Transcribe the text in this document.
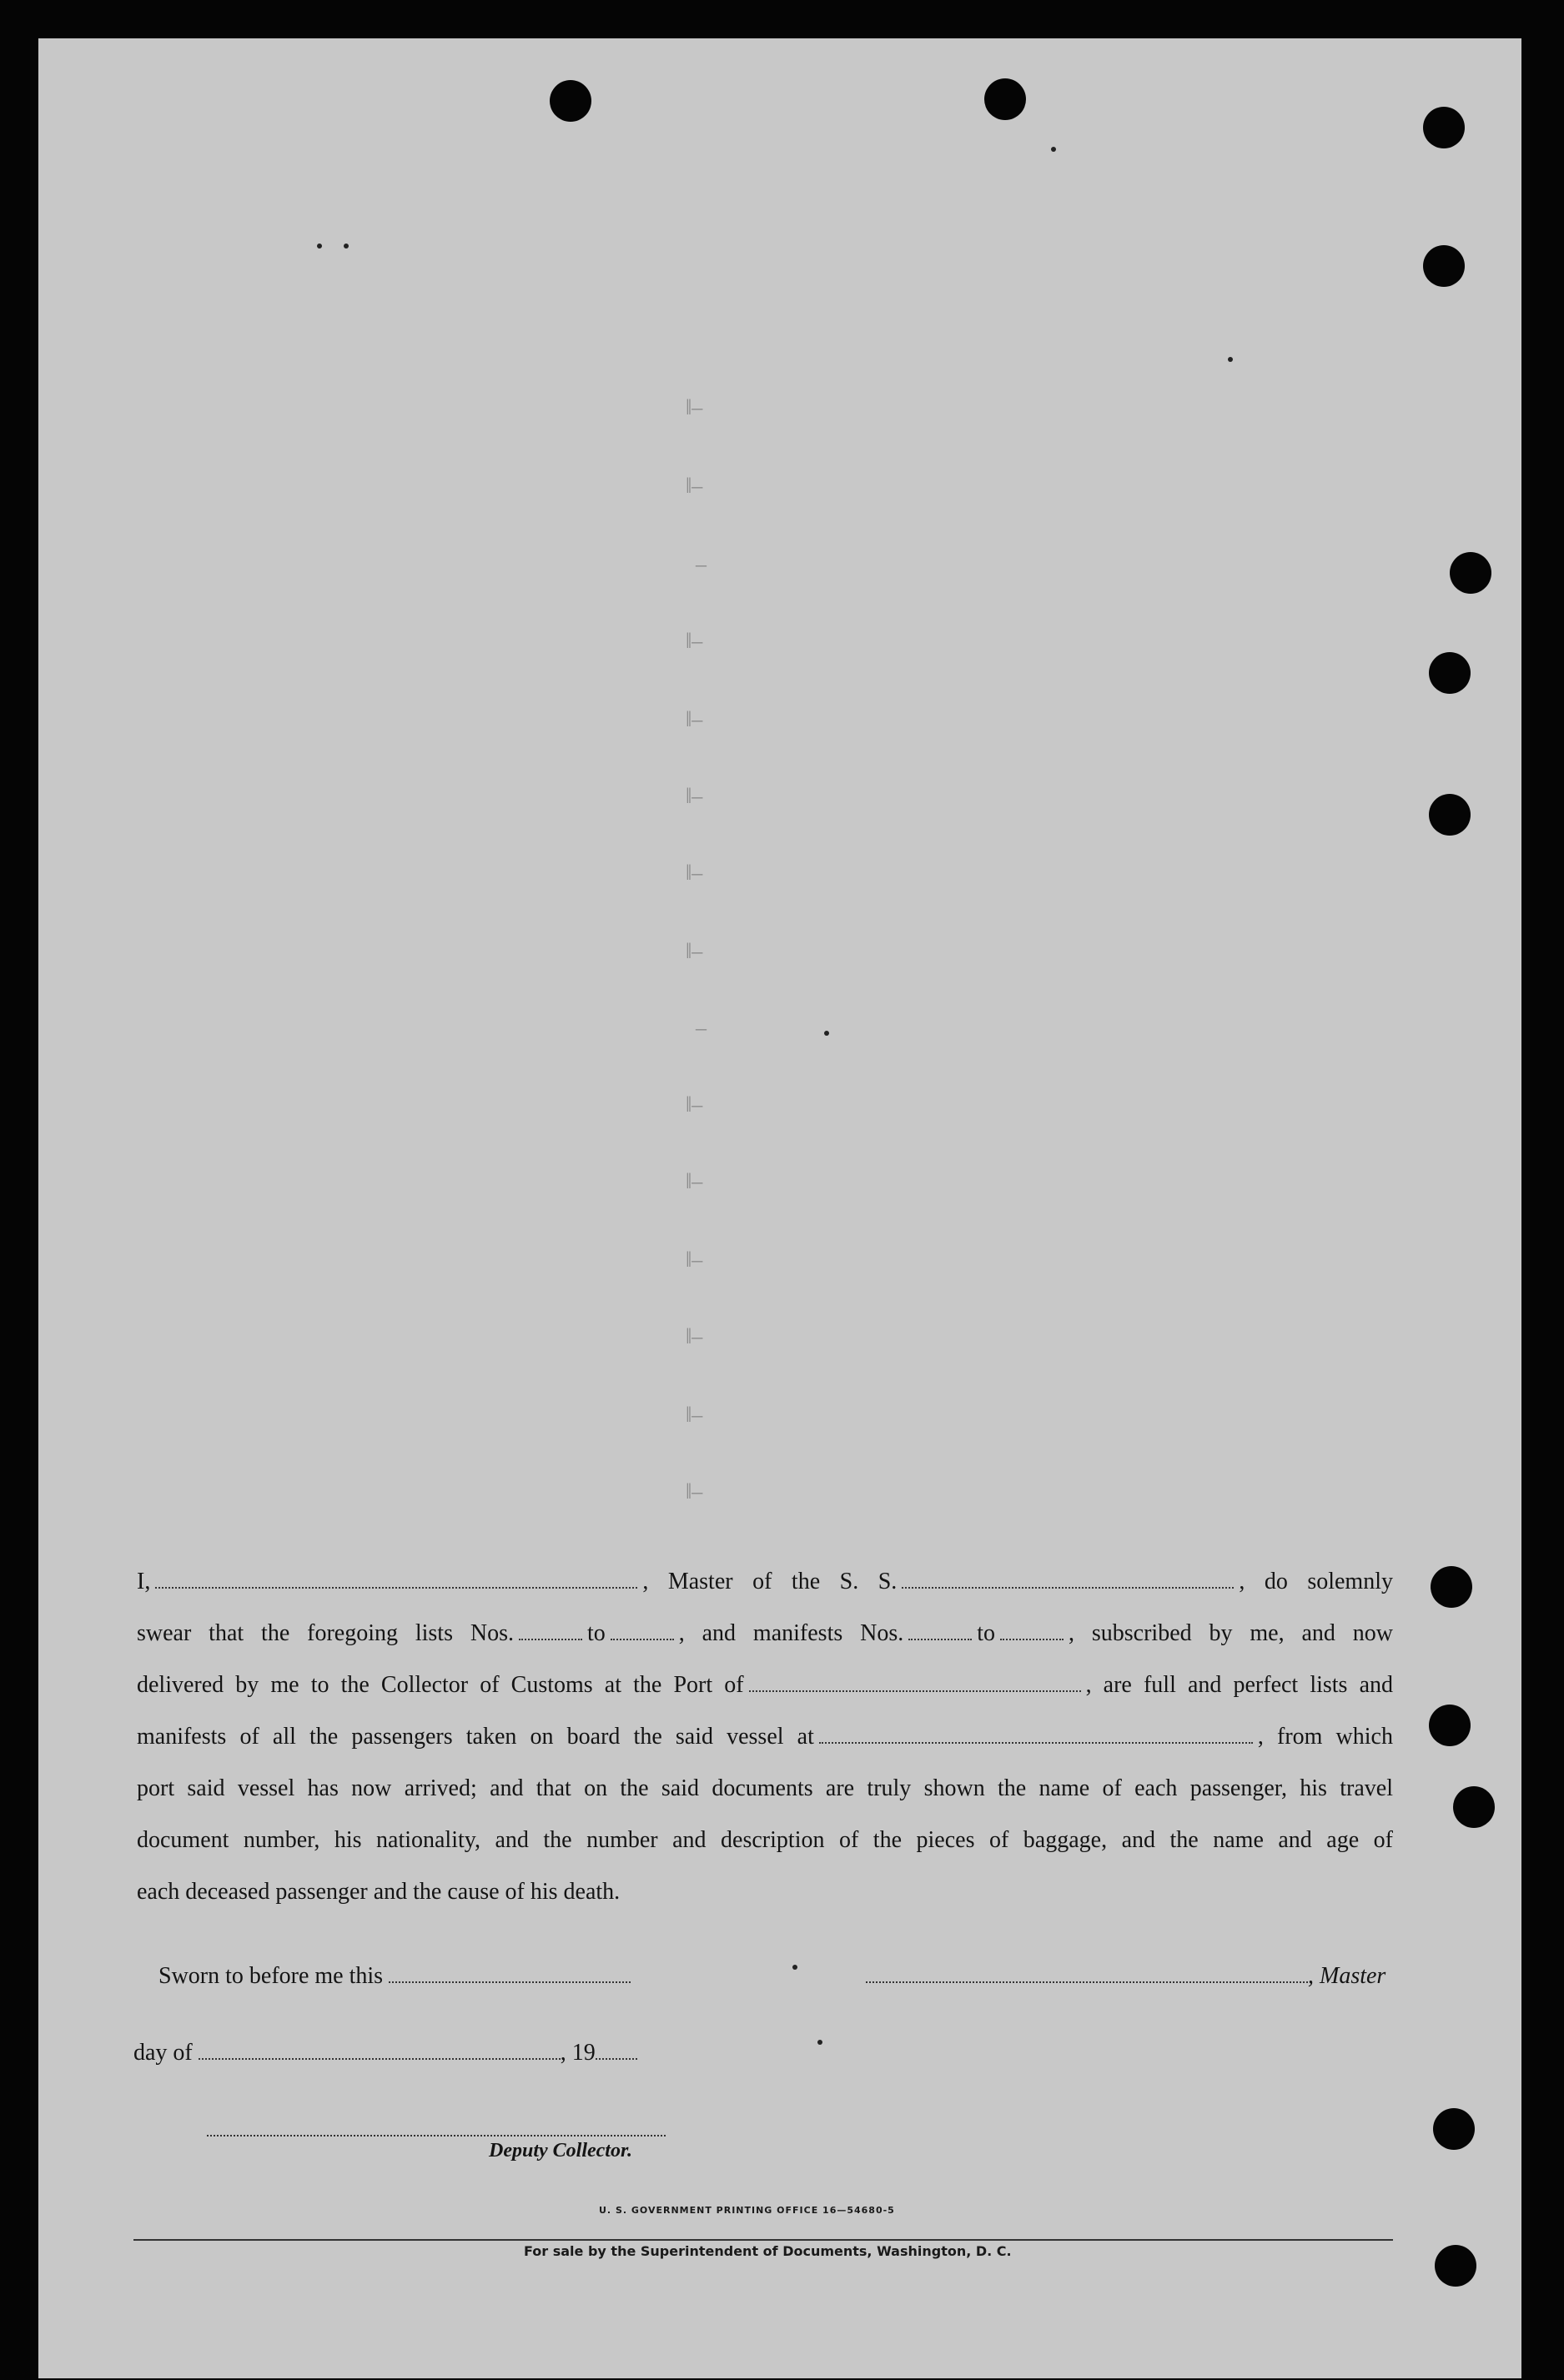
‖–
‖–
–
‖–
‖–
‖–
‖–
‖–
–
‖–
‖–
‖–
‖–
‖–
‖–

I,	, Master of the S. S.	, do solemnly

swear that the foregoing lists Nos.	to	, and manifests Nos.	to	, subscribed by me, and now

delivered by me to the Collector of Customs at the Port of	, are full and perfect lists and

manifests of all the passengers taken on board the said vessel at	, from which

port said vessel has now arrived; and that on the said documents are truly shown the name of each passenger, his travel

document number, his nationality, and the number and description of the pieces of baggage, and the name and age of

each deceased passenger and the cause of his death.

Sworn to before me this	, Master
day of	, 19
Deputy Collector.
U. S. GOVERNMENT PRINTING OFFICE 16—54680-5
For sale by the Superintendent of Documents, Washington, D. C.
